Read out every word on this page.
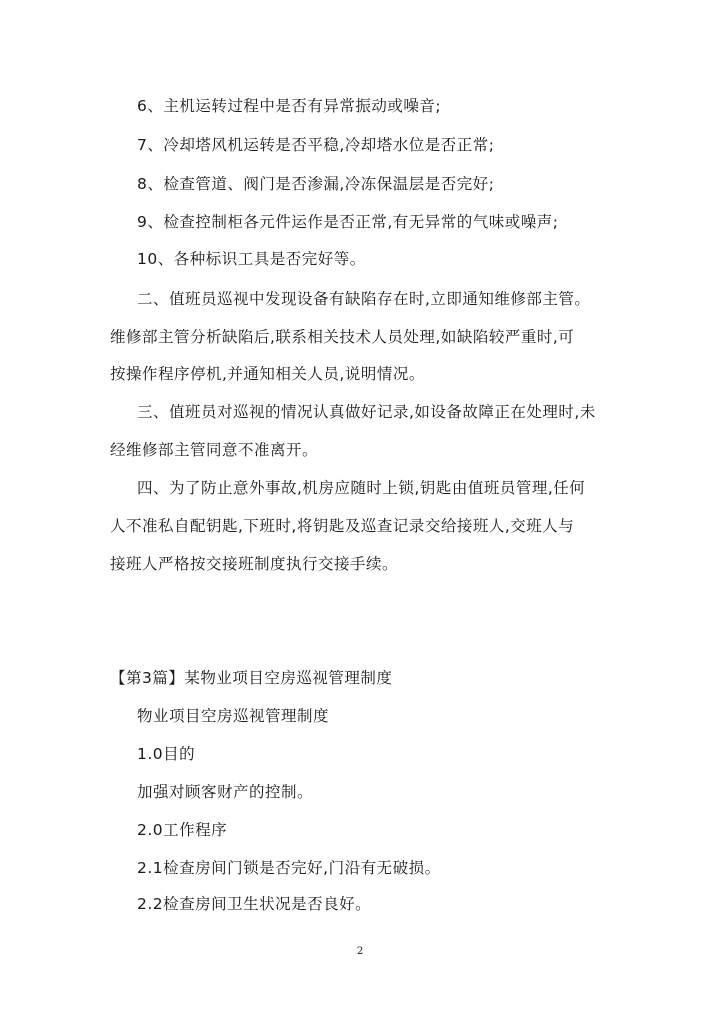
6、主机运转过程中是否有异常振动或噪音;
7、冷却塔风机运转是否平稳,冷却塔水位是否正常;
8、检查管道、阀门是否渗漏,冷冻保温层是否完好;
9、检查控制柜各元件运作是否正常,有无异常的气味或噪声;
10、各种标识工具是否完好等。
二、值班员巡视中发现设备有缺陷存在时,立即通知维修部主管。
维修部主管分析缺陷后,联系相关技术人员处理,如缺陷较严重时,可
按操作程序停机,并通知相关人员,说明情况。
三、值班员对巡视的情况认真做好记录,如设备故障正在处理时,未
经维修部主管同意不准离开。
四、为了防止意外事故,机房应随时上锁,钥匙由值班员管理,任何
人不准私自配钥匙,下班时,将钥匙及巡查记录交给接班人,交班人与
接班人严格按交接班制度执行交接手续。
【第3篇】某物业项目空房巡视管理制度
物业项目空房巡视管理制度
1.0目的
加强对顾客财产的控制。
2.0工作程序
2.1检查房间门锁是否完好,门沿有无破损。
2.2检查房间卫生状况是否良好。
2
